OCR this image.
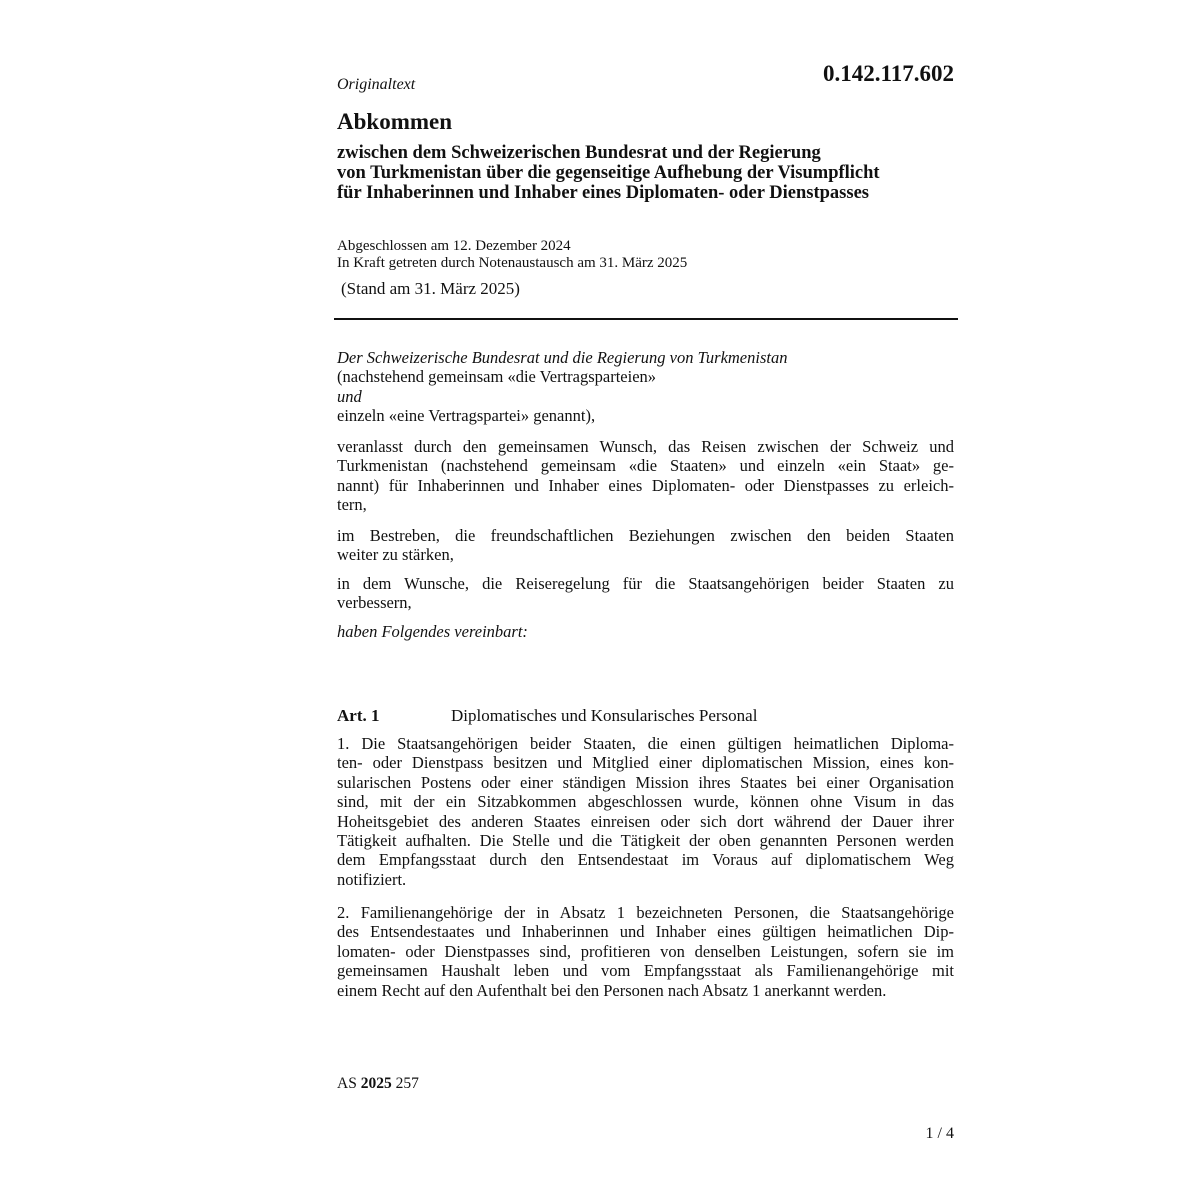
Originaltext	0.142.117.602
Abkommen
zwischen dem Schweizerischen Bundesrat und der Regierung
von Turkmenistan über die gegenseitige Aufhebung der Visumpflicht
für Inhaberinnen und Inhaber eines Diplomaten- oder Dienstpasses
Abgeschlossen am 12. Dezember 2024
In Kraft getreten durch Notenaustausch am 31. März 2025
(Stand am 31. März 2025)
Der Schweizerische Bundesrat und die Regierung von Turkmenistan
(nachstehend gemeinsam «die Vertragsparteien»
und
einzeln «eine Vertragspartei» genannt),
veranlasst durch den gemeinsamen Wunsch, das Reisen zwischen der Schweiz und
Turkmenistan (nachstehend gemeinsam «die Staaten» und einzeln «ein Staat» ge-
nannt) für Inhaberinnen und Inhaber eines Diplomaten- oder Dienstpasses zu erleich-
tern,
im Bestreben, die freundschaftlichen Beziehungen zwischen den beiden Staaten
weiter zu stärken,
in dem Wunsche, die Reiseregelung für die Staatsangehörigen beider Staaten zu
verbessern,
haben Folgendes vereinbart:
Art. 1	Diplomatisches und Konsularisches Personal
1. Die Staatsangehörigen beider Staaten, die einen gültigen heimatlichen Diploma-
ten- oder Dienstpass besitzen und Mitglied einer diplomatischen Mission, eines kon-
sularischen Postens oder einer ständigen Mission ihres Staates bei einer Organisation
sind, mit der ein Sitzabkommen abgeschlossen wurde, können ohne Visum in das
Hoheitsgebiet des anderen Staates einreisen oder sich dort während der Dauer ihrer
Tätigkeit aufhalten. Die Stelle und die Tätigkeit der oben genannten Personen werden
dem Empfangsstaat durch den Entsendestaat im Voraus auf diplomatischem Weg
notifiziert.
2. Familienangehörige der in Absatz 1 bezeichneten Personen, die Staatsangehörige
des Entsendestaates und Inhaberinnen und Inhaber eines gültigen heimatlichen Dip-
lomaten- oder Dienstpasses sind, profitieren von denselben Leistungen, sofern sie im
gemeinsamen Haushalt leben und vom Empfangsstaat als Familienangehörige mit
einem Recht auf den Aufenthalt bei den Personen nach Absatz 1 anerkannt werden.
AS 2025 257
1 / 4
